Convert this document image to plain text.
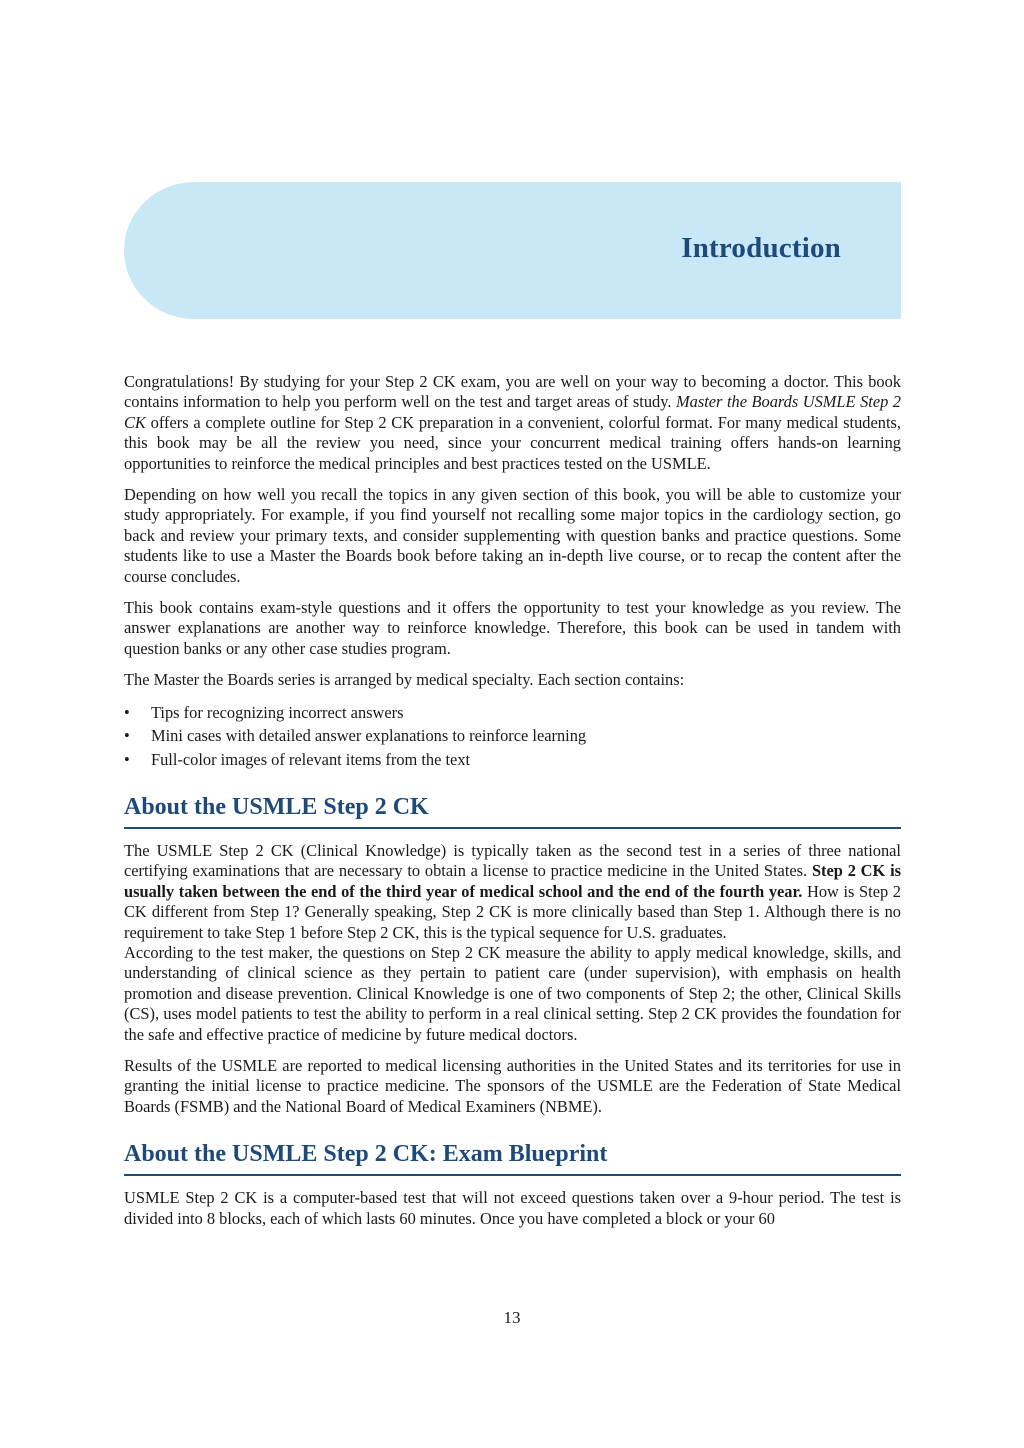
Introduction

Congratulations! By studying for your Step 2 CK exam, you are well on your way to becoming a doctor. This book contains information to help you perform well on the test and target areas of study. Master the Boards USMLE Step 2 CK offers a complete outline for Step 2 CK preparation in a convenient, colorful format. For many medical students, this book may be all the review you need, since your concurrent medical training offers hands-on learning opportunities to reinforce the medical principles and best practices tested on the USMLE.

Depending on how well you recall the topics in any given section of this book, you will be able to customize your study appropriately. For example, if you find yourself not recalling some major topics in the cardiology section, go back and review your primary texts, and consider supplementing with question banks and practice questions. Some students like to use a Master the Boards book before taking an in-depth live course, or to recap the content after the course concludes.

This book contains exam-style questions and it offers the opportunity to test your knowledge as you review. The answer explanations are another way to reinforce knowledge. Therefore, this book can be used in tandem with question banks or any other case studies program.

The Master the Boards series is arranged by medical specialty. Each section contains:

• Tips for recognizing incorrect answers
• Mini cases with detailed answer explanations to reinforce learning
• Full-color images of relevant items from the text
About the USMLE Step 2 CK

The USMLE Step 2 CK (Clinical Knowledge) is typically taken as the second test in a series of three national certifying examinations that are necessary to obtain a license to practice medicine in the United States. Step 2 CK is usually taken between the end of the third year of medical school and the end of the fourth year. How is Step 2 CK different from Step 1? Generally speaking, Step 2 CK is more clinically based than Step 1. Although there is no requirement to take Step 1 before Step 2 CK, this is the typical sequence for U.S. graduates.

According to the test maker, the questions on Step 2 CK measure the ability to apply medical knowledge, skills, and understanding of clinical science as they pertain to patient care (under supervision), with emphasis on health promotion and disease prevention. Clinical Knowledge is one of two components of Step 2; the other, Clinical Skills (CS), uses model patients to test the ability to perform in a real clinical setting. Step 2 CK provides the foundation for the safe and effective practice of medicine by future medical doctors.

Results of the USMLE are reported to medical licensing authorities in the United States and its territories for use in granting the initial license to practice medicine. The sponsors of the USMLE are the Federation of State Medical Boards (FSMB) and the National Board of Medical Examiners (NBME).

About the USMLE Step 2 CK: Exam Blueprint

USMLE Step 2 CK is a computer-based test that will not exceed questions taken over a 9-hour period. The test is divided into 8 blocks, each of which lasts 60 minutes. Once you have completed a block or your 60

13
